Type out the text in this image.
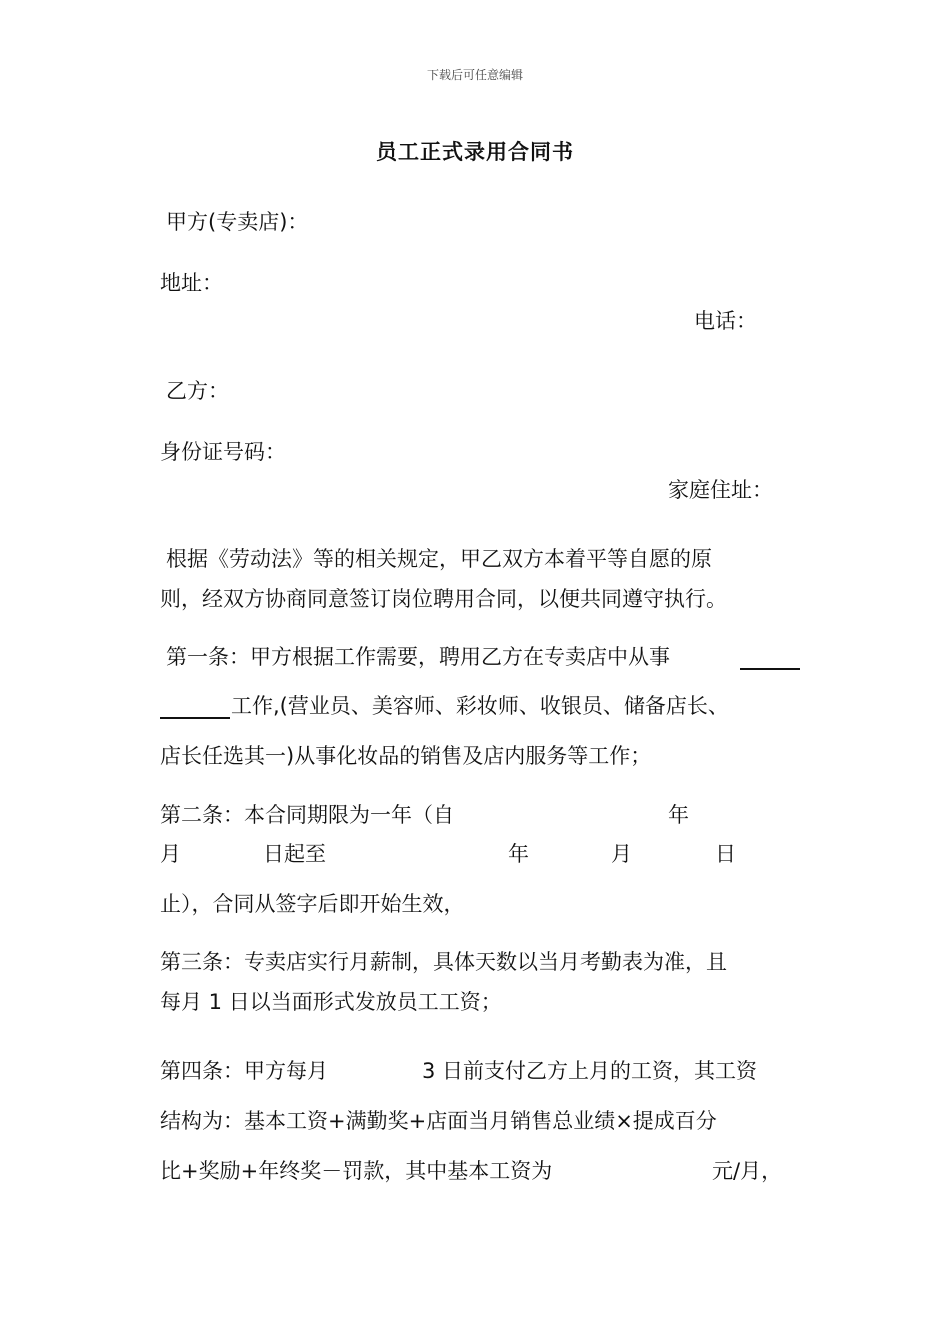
下载后可任意编辑
员工正式录用合同书
甲方(专卖店)：
地址：
电话：
乙方：
身份证号码：
家庭住址：
根据《劳动法》等的相关规定，甲乙双方本着平等自愿的原
则，经双方协商同意签订岗位聘用合同，以便共同遵守执行。
第一条：甲方根据工作需要，聘用乙方在专卖店中从事
工作,(营业员、美容师、彩妆师、收银员、储备店长、
店长任选其一)从事化妆品的销售及店内服务等工作；
第二条：本合同期限为一年（自	年
月	日起至	年	月	日
止），合同从签字后即开始生效，
第三条：专卖店实行月薪制，具体天数以当月考勤表为准，且
每月 1 日以当面形式发放员工工资；
第四条：甲方每月	3 日前支付乙方上月的工资，其工资
结构为：基本工资+满勤奖+店面当月销售总业绩×提成百分
比+奖励+年终奖－罚款，其中基本工资为	元/月，
